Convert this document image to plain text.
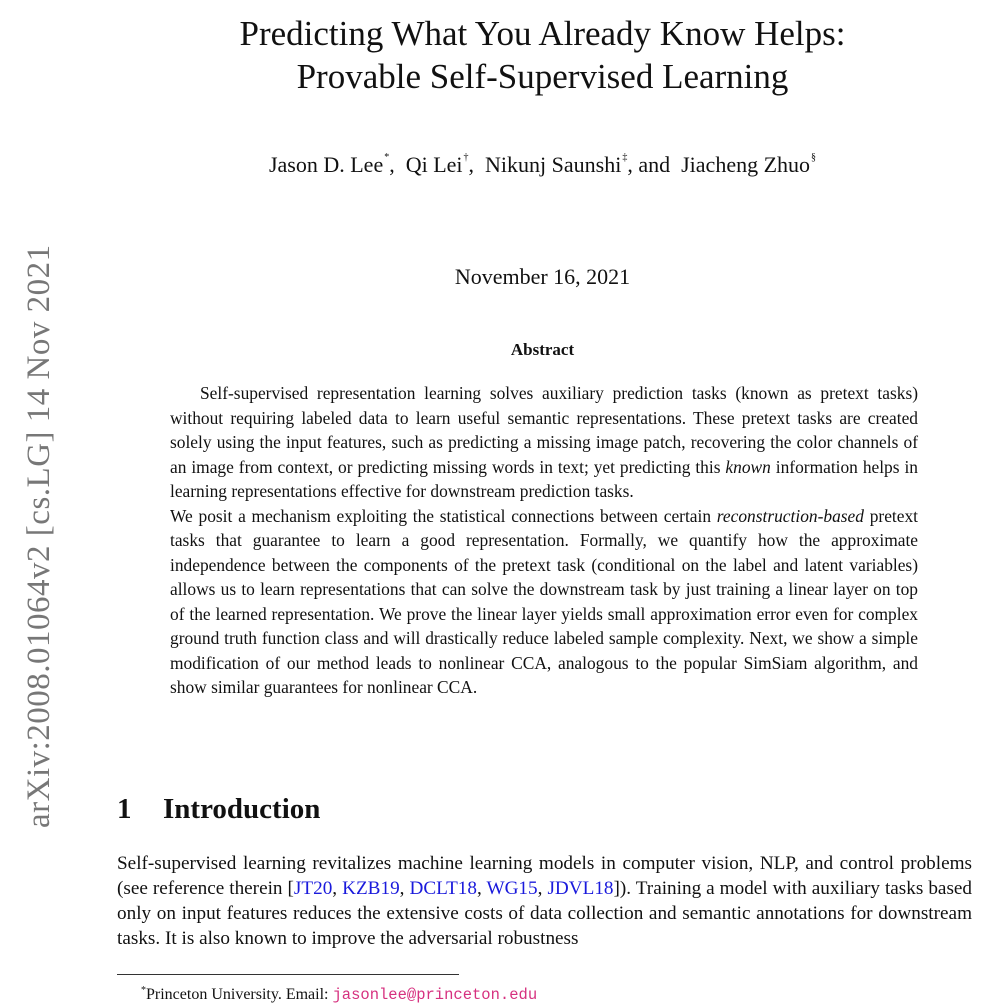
Predicting What You Already Know Helps:
Provable Self-Supervised Learning
Jason D. Lee*,  Qi Lei†,  Nikunj Saunshi‡, and Jiacheng Zhuo§
November 16, 2021
arXiv:2008.01064v2 [cs.LG] 14 Nov 2021	Abstract

Self-supervised representation learning solves auxiliary prediction tasks (known as pretext tasks) without requiring labeled data to learn useful semantic representations. These pretext tasks are created solely using the input features, such as predicting a missing image patch, recovering the color channels of an image from context, or predicting missing words in text; yet predicting this known information helps in learning representations effective for downstream prediction tasks.

We posit a mechanism exploiting the statistical connections between certain reconstruction-based pretext tasks that guarantee to learn a good representation. Formally, we quantify how the approximate independence between the components of the pretext task (conditional on the label and latent variables) allows us to learn representations that can solve the downstream task by just training a linear layer on top of the learned representation. We prove the linear layer yields small approximation error even for complex ground truth function class and will drastically reduce labeled sample complexity. Next, we show a simple modification of our method leads to nonlinear CCA, analogous to the popular SimSiam algorithm, and show similar guarantees for nonlinear CCA.

1 Introduction

Self-supervised learning revitalizes machine learning models in computer vision, NLP, and control problems (see reference therein [JT20, KZB19, DCLT18, WG15, JDVL18]). Training a model with auxiliary tasks based only on input features reduces the extensive costs of data collection and semantic annotations for downstream tasks. It is also known to improve the adversarial robustness

*Princeton University. Email: jasonlee@princeton.edu
